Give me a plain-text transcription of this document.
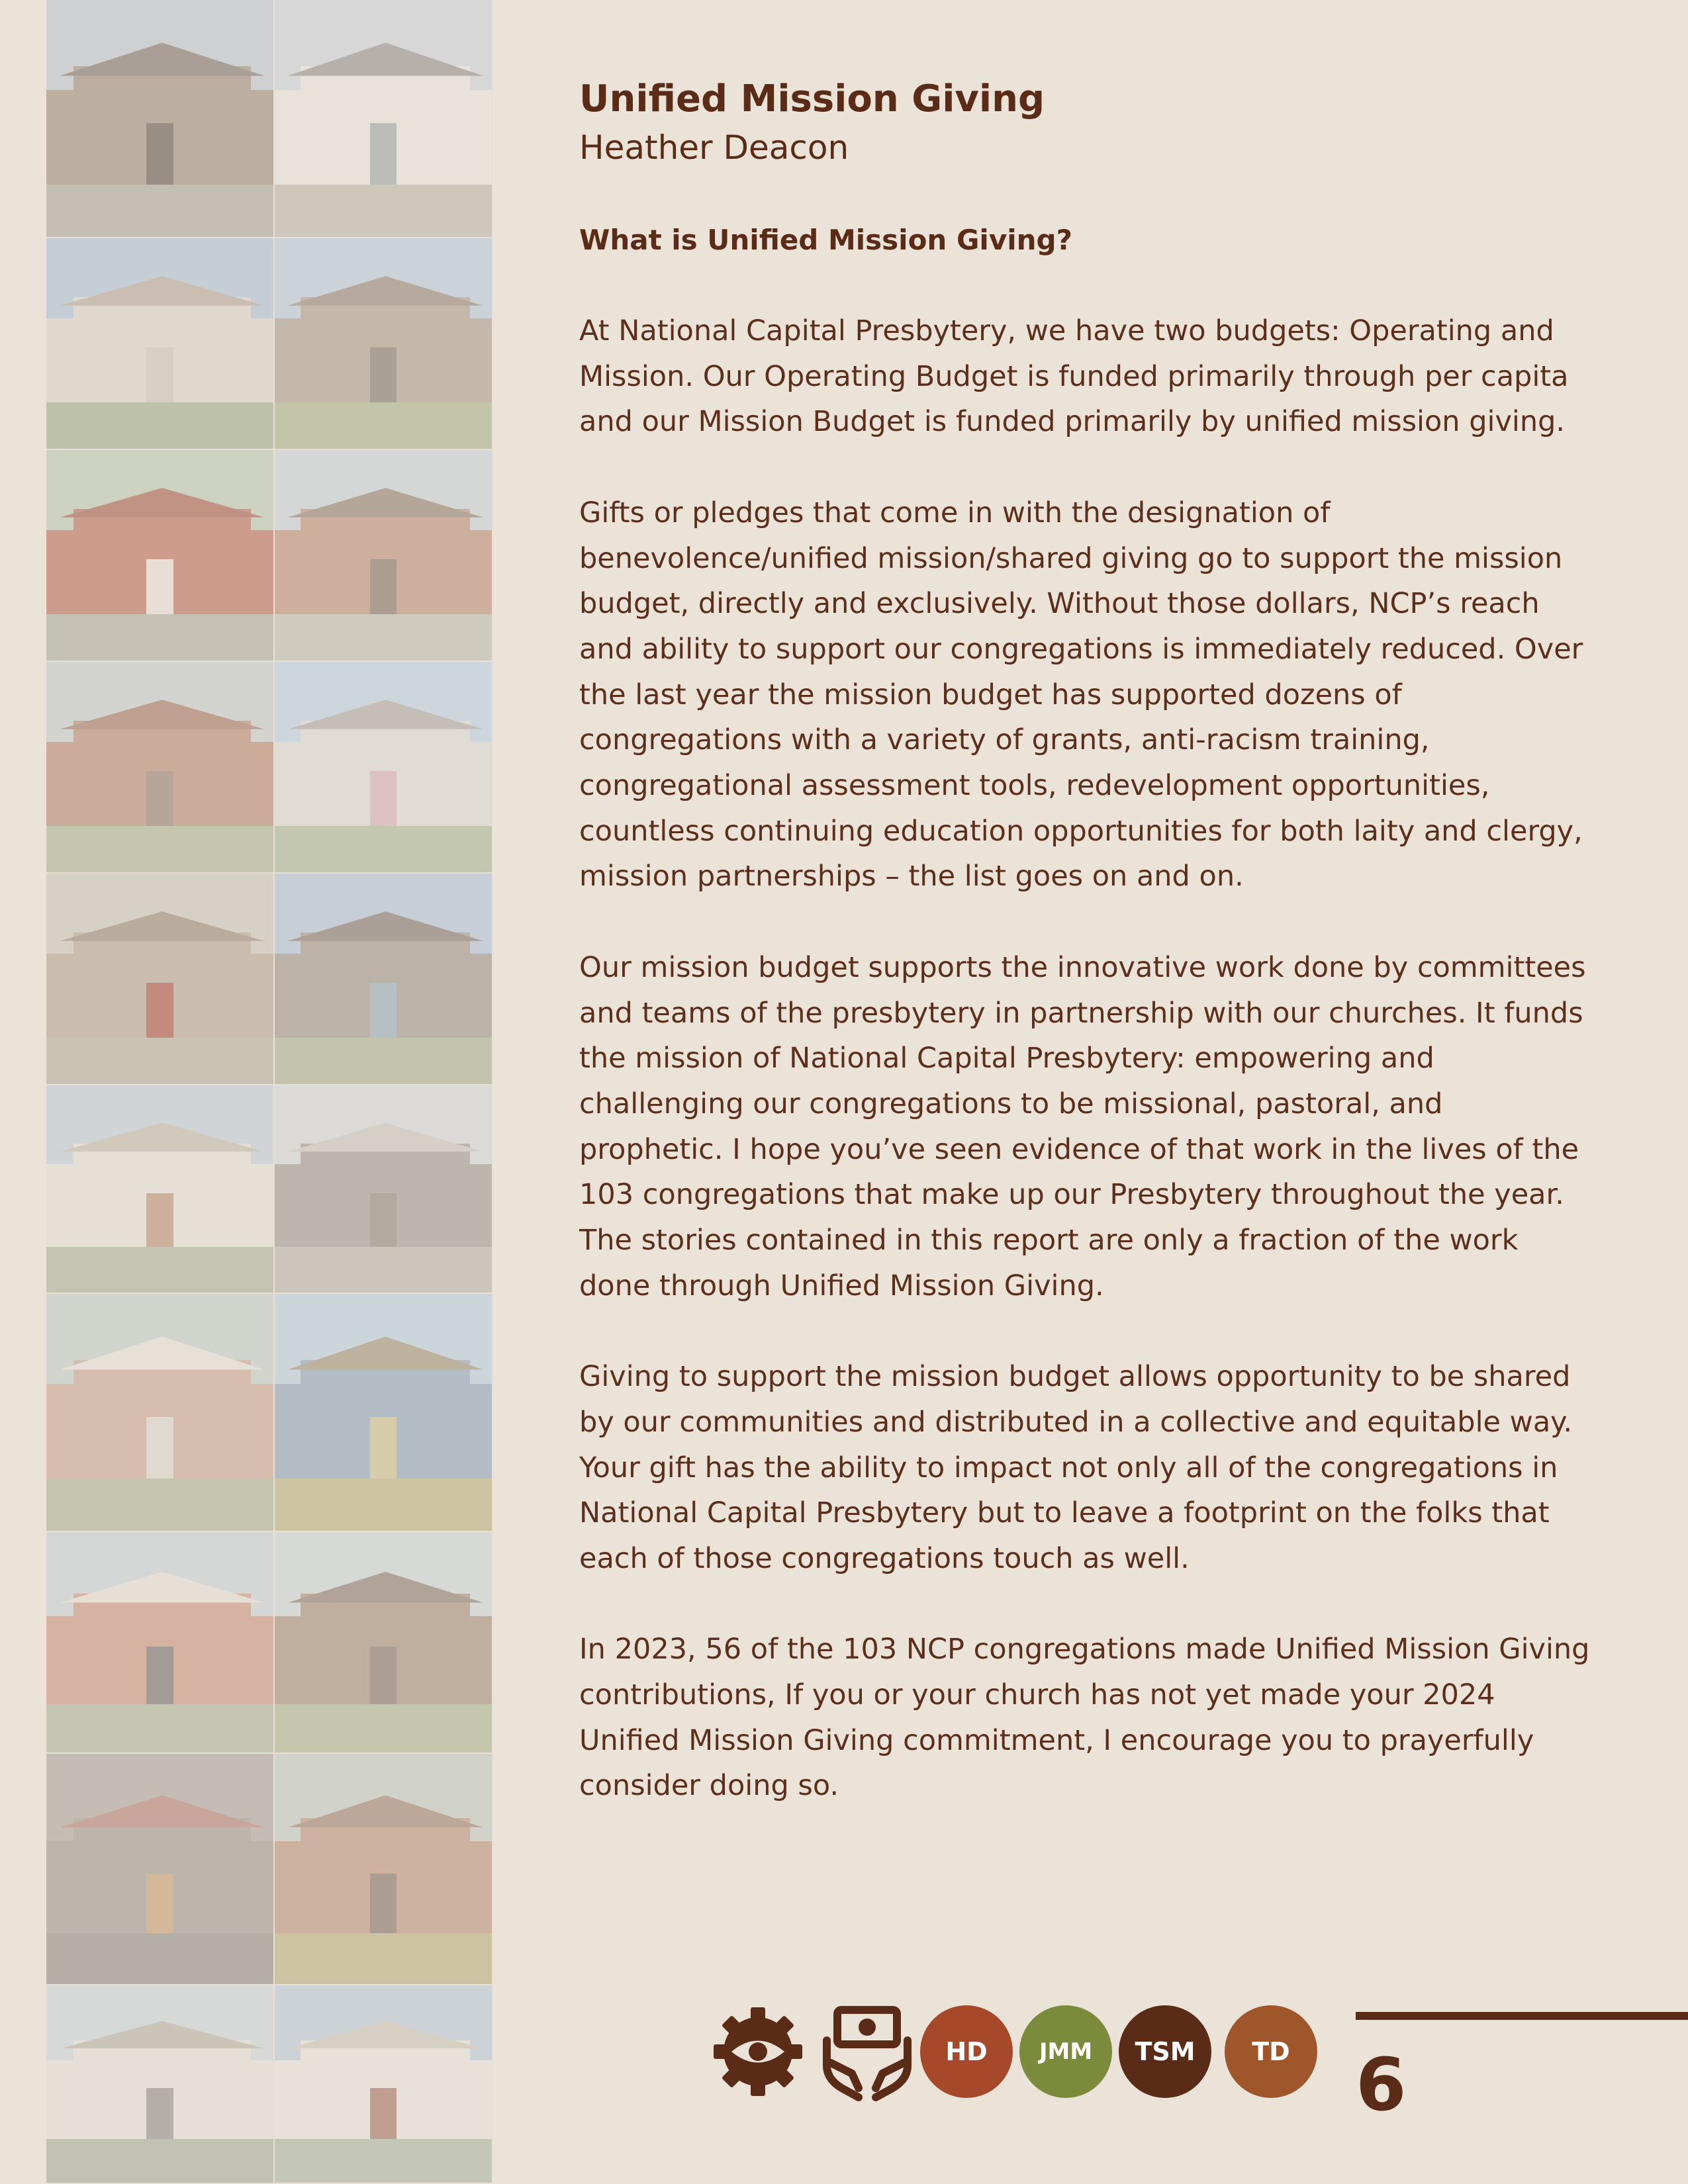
Unified Mission Giving

Heather Deacon

What is Unified Mission Giving?

At National Capital Presbytery, we have two budgets: Operating and
Mission. Our Operating Budget is funded primarily through per capita
and our Mission Budget is funded primarily by unified mission giving.

Gifts or pledges that come in with the designation of
benevolence/unified mission/shared giving go to support the mission
budget, directly and exclusively. Without those dollars, NCP’s reach
and ability to support our congregations is immediately reduced. Over
the last year the mission budget has supported dozens of
congregations with a variety of grants, anti-racism training,
congregational assessment tools, redevelopment opportunities,
countless continuing education opportunities for both laity and clergy,
mission partnerships – the list goes on and on.

Our mission budget supports the innovative work done by committees
and teams of the presbytery in partnership with our churches. It funds
the mission of National Capital Presbytery: empowering and
challenging our congregations to be missional, pastoral, and
prophetic. I hope you’ve seen evidence of that work in the lives of the
103 congregations that make up our Presbytery throughout the year.
The stories contained in this report are only a fraction of the work
done through Unified Mission Giving.

Giving to support the mission budget allows opportunity to be shared
by our communities and distributed in a collective and equitable way.
Your gift has the ability to impact not only all of the congregations in
National Capital Presbytery but to leave a footprint on the folks that
each of those congregations touch as well.

In 2023, 56 of the 103 NCP congregations made Unified Mission Giving
contributions, If you or your church has not yet made your 2024
Unified Mission Giving commitment, I encourage you to prayerfully
consider doing so.

HD	JMM	TSM	TD 6
